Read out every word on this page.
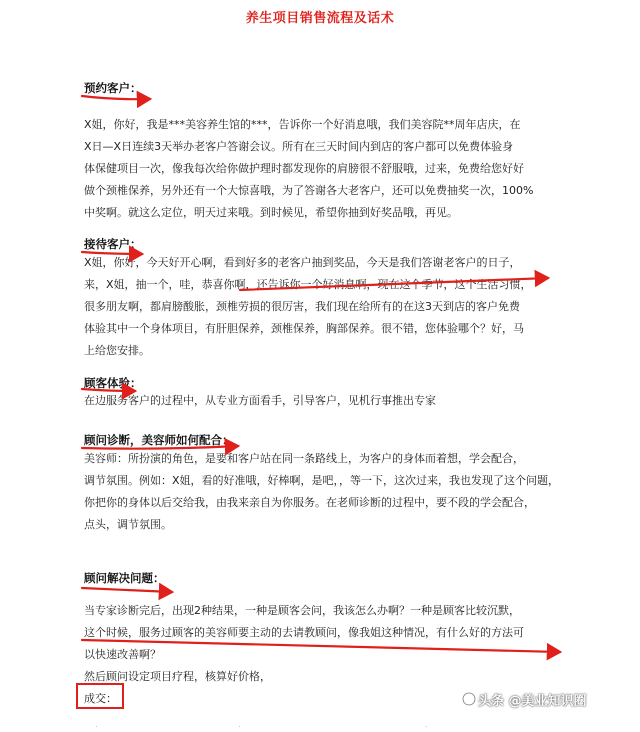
养生项目销售流程及话术
预约客户：
X姐，你好，我是***美容养生馆的***，告诉你一个好消息哦，我们美容院**周年店庆，在
X日—X日连续3天举办老客户答谢会议。所有在三天时间内到店的客户都可以免费体验身
体保健项目一次，像我每次给你做护理时都发现你的肩膀很不舒服哦，过来，免费给您好好
做个颈椎保养，另外还有一个大惊喜哦，为了答谢各大老客户，还可以免费抽奖一次，100%
中奖啊。就这么定位，明天过来哦。到时候见，希望你抽到好奖品哦，再见。
接待客户：
X姐，你好，今天好开心啊，看到好多的老客户抽到奖品，今天是我们答谢老客户的日子，
来，X姐，抽一个，哇，恭喜你啊，还告诉你一个好消息啊，现在这个季节，这个生活习惯，
很多朋友啊，都肩膀酸胀，颈椎劳损的很厉害，我们现在给所有的在这3天到店的客户免费
体验其中一个身体项目，有肝胆保养，颈椎保养，胸部保养。很不错，您体验哪个？好，马
上给您安排。
顾客体验：
在边服务客户的过程中，从专业方面看手，引导客户，见机行事推出专家
顾问诊断，美容师如何配合：
美容师：所扮演的角色，是要和客户站在同一条路线上，为客户的身体而着想，学会配合，
调节氛围。例如：X姐，看的好准哦，好棒啊，是吧，，等一下，这次过来，我也发现了这个问题，
你把你的身体以后交给我，由我来亲自为你服务。在老师诊断的过程中，要不段的学会配合，
点头，调节氛围。
顾问解决问题：
当专家诊断完后，出现2种结果，一种是顾客会问，我该怎么办啊？一种是顾客比较沉默，
这个时候，服务过顾客的美容师要主动的去请教顾问，像我姐这种情况，有什么好的方法可
以快速改善啊？
然后顾问设定项目疗程，核算好价格，
成交：	头条 @美业知识圈
